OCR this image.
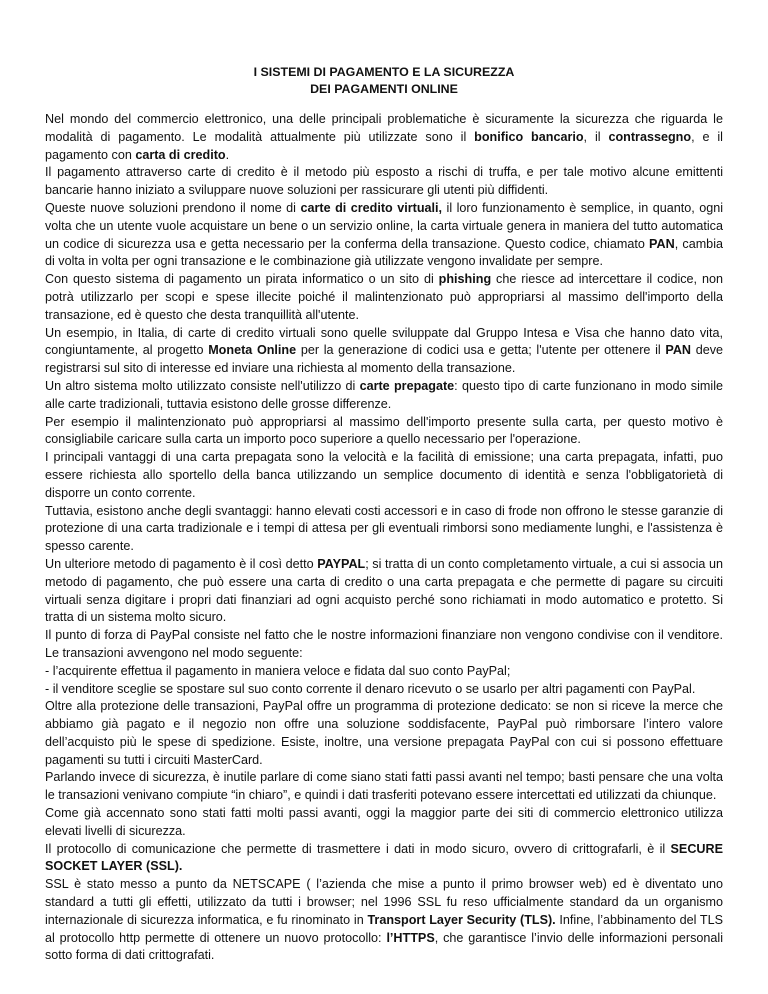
I SISTEMI DI PAGAMENTO E LA SICUREZZA
DEI PAGAMENTI ONLINE

Nel mondo del commercio elettronico, una delle principali problematiche è sicuramente la sicurezza che riguarda le modalità di pagamento. Le modalità attualmente più utilizzate sono il bonifico bancario, il contrassegno, e il pagamento con carta di credito.

Il pagamento attraverso carte di credito è il metodo più esposto a rischi di truffa, e per tale motivo alcune emittenti bancarie hanno iniziato a sviluppare nuove soluzioni per rassicurare gli utenti più diffidenti.

Queste nuove soluzioni prendono il nome di carte di credito virtuali, il loro funzionamento è semplice, in quanto, ogni volta che un utente vuole acquistare un bene o un servizio online, la carta virtuale genera in maniera del tutto automatica un codice di sicurezza usa e getta necessario per la conferma della transazione. Questo codice, chiamato PAN, cambia di volta in volta per ogni transazione e le combinazione già utilizzate vengono invalidate per sempre.

Con questo sistema di pagamento un pirata informatico o un sito di phishing che riesce ad intercettare il codice, non potrà utilizzarlo per scopi e spese illecite poiché il malintenzionato può appropriarsi al massimo dell'importo della transazione, ed è questo che desta tranquillità all'utente.

Un esempio, in Italia, di carte di credito virtuali sono quelle sviluppate dal Gruppo Intesa e Visa che hanno dato vita, congiuntamente, al progetto Moneta Online per la generazione di codici usa e getta; l'utente per ottenere il PAN deve registrarsi sul sito di interesse ed inviare una richiesta al momento della transazione.

Un altro sistema molto utilizzato consiste nell'utilizzo di carte prepagate: questo tipo di carte funzionano in modo simile alle carte tradizionali, tuttavia esistono delle grosse differenze.

Per esempio il malintenzionato può appropriarsi al massimo dell'importo presente sulla carta, per questo motivo è consigliabile caricare sulla carta un importo poco superiore a quello necessario per l'operazione.

I principali vantaggi di una carta prepagata sono la velocità e la facilità di emissione; una carta prepagata, infatti, puo essere richiesta allo sportello della banca utilizzando un semplice documento di identità e senza l'obbligatorietà di disporre un conto corrente.

Tuttavia, esistono anche degli svantaggi: hanno elevati costi accessori e in caso di frode non offrono le stesse garanzie di protezione di una carta tradizionale e i tempi di attesa per gli eventuali rimborsi sono mediamente lunghi, e l'assistenza è spesso carente.

Un ulteriore metodo di pagamento è il così detto PAYPAL; si tratta di un conto completamento virtuale, a cui si associa un metodo di pagamento, che può essere una carta di credito o una carta prepagata e che permette di pagare su circuiti virtuali senza digitare i propri dati finanziari ad ogni acquisto perché sono richiamati in modo automatico e protetto. Si tratta di un sistema molto sicuro.

Il punto di forza di PayPal consiste nel fatto che le nostre informazioni finanziare non vengono condivise con il venditore. Le transazioni avvengono nel modo seguente:

- l’acquirente effettua il pagamento in maniera veloce e fidata dal suo conto PayPal;

- il venditore sceglie se spostare sul suo conto corrente il denaro ricevuto o se usarlo per altri pagamenti con PayPal.

Oltre alla protezione delle transazioni, PayPal offre un programma di protezione dedicato: se non si riceve la merce che abbiamo già pagato e il negozio non offre una soluzione soddisfacente, PayPal può rimborsare l’intero valore dell’acquisto più le spese di spedizione. Esiste, inoltre, una versione prepagata PayPal con cui si possono effettuare pagamenti su tutti i circuiti MasterCard.

Parlando invece di sicurezza, è inutile parlare di come siano stati fatti passi avanti nel tempo; basti pensare che una volta le transazioni venivano compiute “in chiaro”, e quindi i dati trasferiti potevano essere intercettati ed utilizzati da chiunque.

Come già accennato sono stati fatti molti passi avanti, oggi la maggior parte dei siti di commercio elettronico utilizza elevati livelli di sicurezza.

Il protocollo di comunicazione che permette di trasmettere i dati in modo sicuro, ovvero di crittografarli, è il SECURE SOCKET LAYER (SSL).

SSL è stato messo a punto da NETSCAPE ( l’azienda che mise a punto il primo browser web) ed è diventato uno standard a tutti gli effetti, utilizzato da tutti i browser; nel 1996 SSL fu reso ufficialmente standard da un organismo internazionale di sicurezza informatica, e fu rinominato in Transport Layer Security (TLS). Infine, l’abbinamento del TLS al protocollo http permette di ottenere un nuovo protocollo: l’HTTPS, che garantisce l’invio delle informazioni personali sotto forma di dati crittografati.
